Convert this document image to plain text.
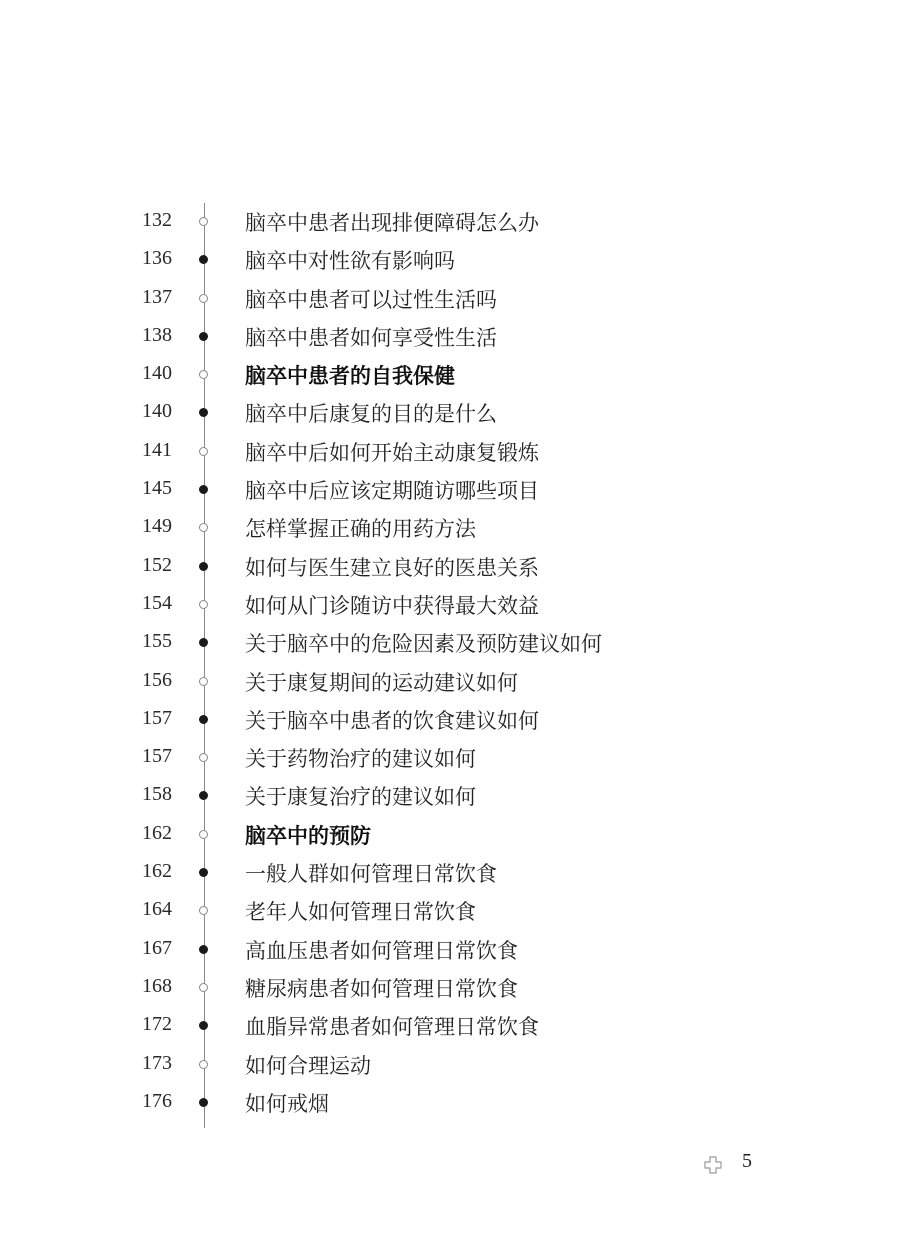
132	脑卒中患者出现排便障碍怎么办
136	脑卒中对性欲有影响吗
137	脑卒中患者可以过性生活吗
138	脑卒中患者如何享受性生活
140	脑卒中患者的自我保健
140	脑卒中后康复的目的是什么
141	脑卒中后如何开始主动康复锻炼
145	脑卒中后应该定期随访哪些项目
149	怎样掌握正确的用药方法
152	如何与医生建立良好的医患关系
154	如何从门诊随访中获得最大效益
155	关于脑卒中的危险因素及预防建议如何
156	关于康复期间的运动建议如何
157	关于脑卒中患者的饮食建议如何
157	关于药物治疗的建议如何
158	关于康复治疗的建议如何
162	脑卒中的预防
162	一般人群如何管理日常饮食
164	老年人如何管理日常饮食
167	高血压患者如何管理日常饮食
168	糖尿病患者如何管理日常饮食
172	血脂异常患者如何管理日常饮食
173	如何合理运动
176	如何戒烟
5
